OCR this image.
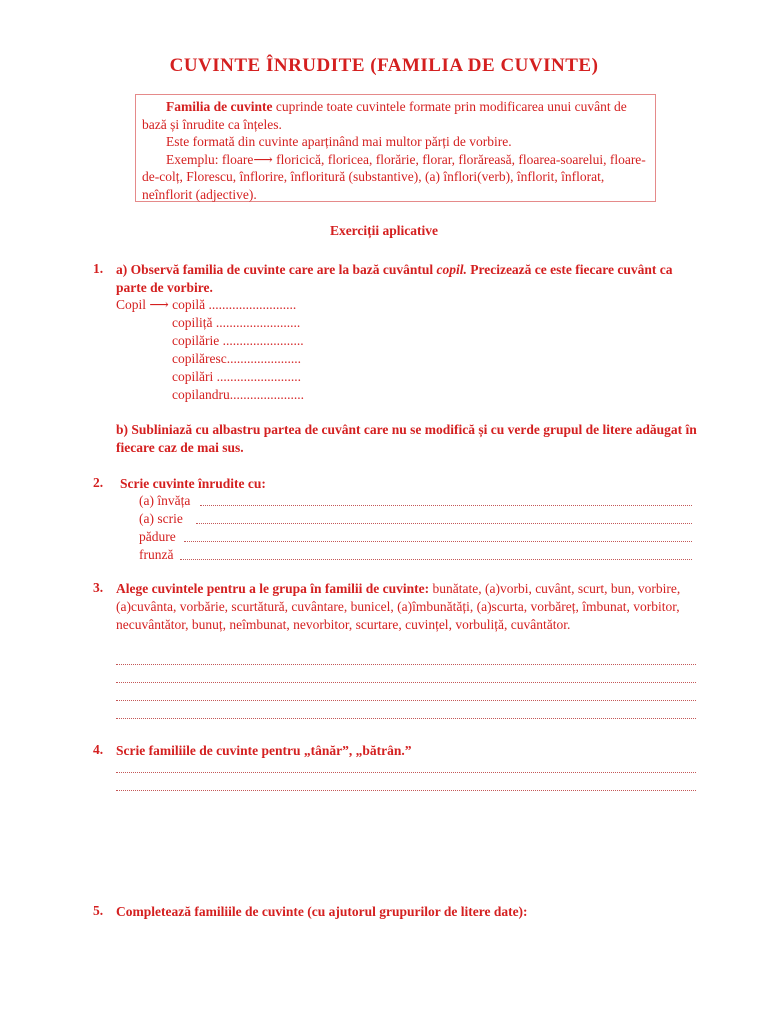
CUVINTE ÎNRUDITE (FAMILIA DE CUVINTE)

Familia de cuvinte cuprinde toate cuvintele formate prin modificarea unui cuvânt de bază și înrudite ca înțeles.

Este formată din cuvinte aparținând mai multor părți de vorbire.

Exemplu: floare⟶ floricică, floricea, florărie, florar, florăreasă, floarea-soarelui, floare-de-colț, Florescu, înflorire, înfloritură (substantive), (a) înflori(verb), înflorit, înflorat, neînflorit (adjective).

Exerciții aplicative
1. a) Observă familia de cuvinte care are la bază cuvântul copil. Precizează ce este fiecare cuvânt ca parte de vorbire.
Copil ⟶ copilă ..........................
copiliță .........................
copilărie ........................
copilăresc......................
copilări .........................
copilandru......................
b) Subliniază cu albastru partea de cuvânt care nu se modifică și cu verde grupul de litere adăugat în fiecare caz de mai sus.
2. Scrie cuvinte înrudite cu:
(a) învăța
(a) scrie
pădure
frunză
3. Alege cuvintele pentru a le grupa în familii de cuvinte: bunătate, (a)vorbi, cuvânt, scurt, bun, vorbire, (a)cuvânta, vorbărie, scurtătură, cuvântare, bunicel, (a)îmbunătăți, (a)scurta, vorbăreț, îmbunat, vorbitor, necuvântător, bunuț, neîmbunat, nevorbitor, scurtare, cuvințel, vorbuliță, cuvântător.
4. Scrie familiile de cuvinte pentru „tânăr”, „bătrân.”
5. Completează familiile de cuvinte (cu ajutorul grupurilor de litere date):
